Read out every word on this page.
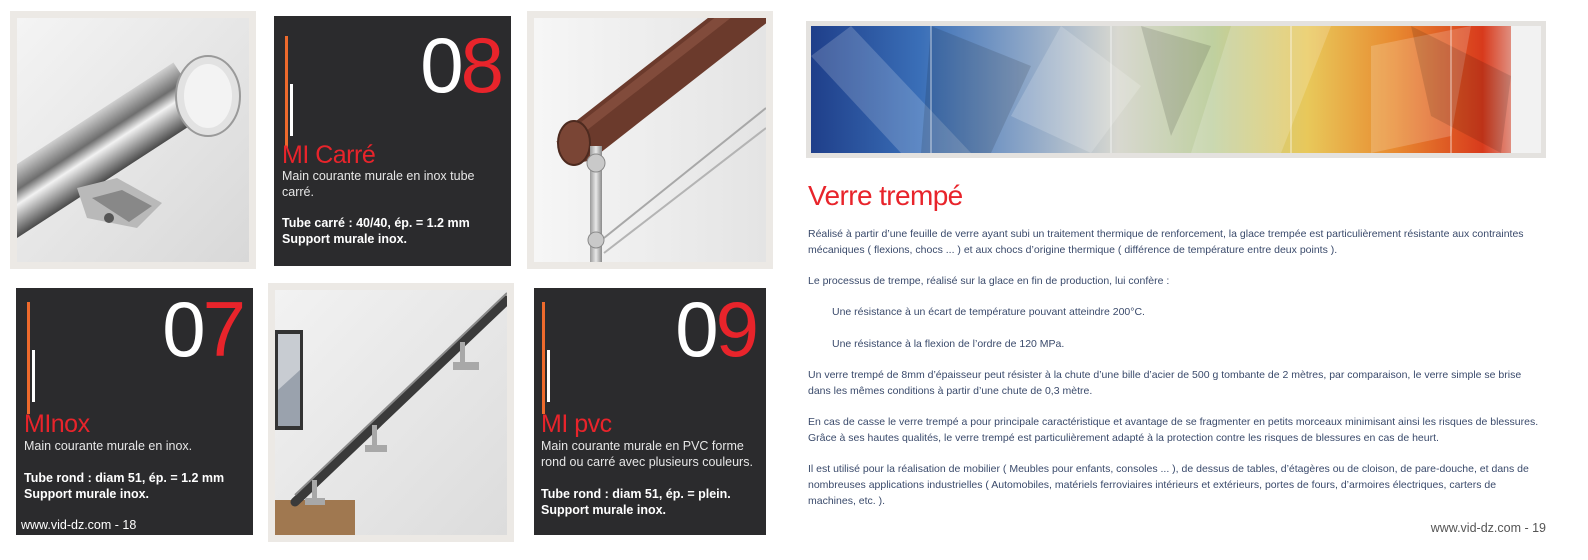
08
MI Carré
Main courante murale en inox tube carré.
Tube carré : 40/40, ép. = 1.2 mm
Support murale inox.
07
MInox
Main courante murale en inox.
Tube rond : diam 51, ép. = 1.2 mm
Support murale inox.
www.vid-dz.com - 18
09
MI pvc
Main courante murale en PVC forme rond ou carré avec plusieurs couleurs.
Tube rond : diam 51, ép. = plein.
Support murale inox.
Verre trempé
Réalisé à partir d’une feuille de verre ayant subi un traitement thermique de renforcement, la glace trempée est particulièrement résistante aux contraintes mécaniques ( flexions, chocs ... ) et aux chocs d’origine thermique ( différence de température entre deux points ).
Le processus de trempe, réalisé sur la glace en fin de production, lui confère :
Une résistance à un écart de température pouvant atteindre 200°C.
Une résistance à la flexion de l’ordre de 120 MPa.
Un verre trempé de 8mm d’épaisseur peut résister à la chute d’une bille d’acier de 500 g tombante de 2 mètres, par comparaison, le verre simple se brise dans les mêmes conditions à partir d’une chute de 0,3 mètre.
En cas de casse le verre trempé a pour principale caractéristique et avantage de se fragmenter en petits morceaux minimisant ainsi les risques de blessures. Grâce à ses hautes qualités, le verre trempé est particulièrement adapté à la protection contre les risques de blessures en cas de heurt.
Il est utilisé pour la réalisation de mobilier ( Meubles pour enfants, consoles ... ), de dessus de tables, d’étagères ou de cloison, de pare-douche, et dans de nombreuses applications industrielles ( Automobiles, matériels ferroviaires intérieurs et extérieurs, portes de fours, d’armoires électriques, carters de machines, etc. ).
www.vid-dz.com - 19
